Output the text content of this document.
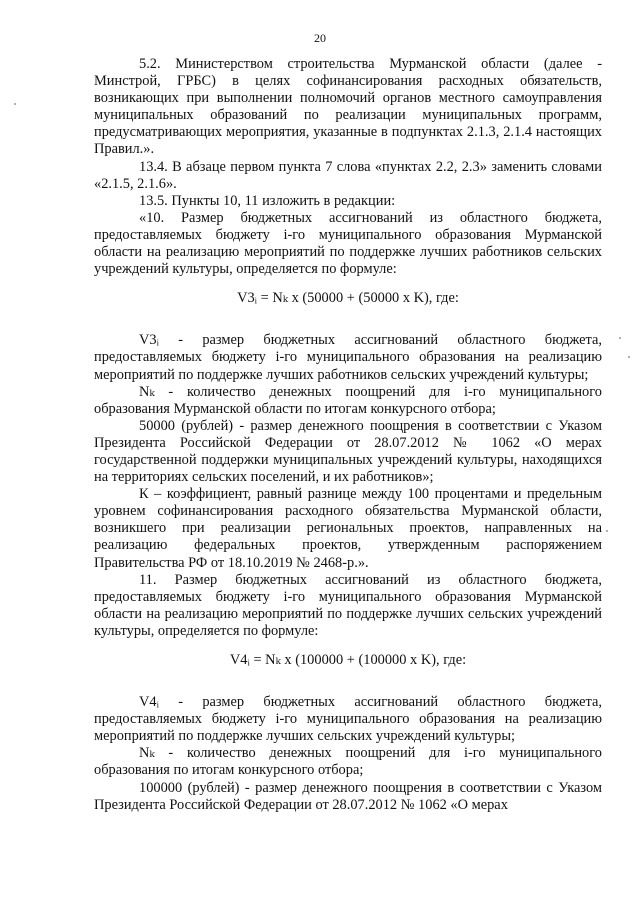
20

5.2. Министерством строительства Мурманской области (далее - Минстрой, ГРБС) в целях софинансирования расходных обязательств, возникающих при выполнении полномочий органов местного самоуправления муниципальных образований по реализации муниципальных программ, предусматривающих мероприятия, указанные в подпунктах 2.1.3, 2.1.4 настоящих Правил.».

13.4. В абзаце первом пункта 7 слова «пунктах 2.2, 2.3» заменить словами «2.1.5, 2.1.6».

13.5. Пункты 10, 11 изложить в редакции:

«10. Размер бюджетных ассигнований из областного бюджета, предоставляемых бюджету i-го муниципального образования Мурманской области на реализацию мероприятий по поддержке лучших работников сельских учреждений культуры, определяется по формуле:

V3ᵢ = Nₖ x (50000 + (50000 x K), где:

V3ᵢ - размер бюджетных ассигнований областного бюджета, предоставляемых бюджету i-го муниципального образования на реализацию мероприятий по поддержке лучших работников сельских учреждений культуры;

Nₖ - количество денежных поощрений для i-го муниципального образования Мурманской области по итогам конкурсного отбора;

50000 (рублей) - размер денежного поощрения в соответствии с Указом Президента Российской Федерации от 28.07.2012 № 1062 «О мерах государственной поддержки муниципальных учреждений культуры, находящихся на территориях сельских поселений, и их работников»;

К – коэффициент, равный разнице между 100 процентами и предельным уровнем софинансирования расходного обязательства Мурманской области, возникшего при реализации региональных проектов, направленных на реализацию федеральных проектов, утвержденным распоряжением Правительства РФ от 18.10.2019 № 2468-р.».

11. Размер бюджетных ассигнований из областного бюджета, предоставляемых бюджету i-го муниципального образования Мурманской области на реализацию мероприятий по поддержке лучших сельских учреждений культуры, определяется по формуле:

V4ᵢ = Nₖ x (100000 + (100000 x K), где:

V4ᵢ - размер бюджетных ассигнований областного бюджета, предоставляемых бюджету i-го муниципального образования на реализацию мероприятий по поддержке лучших сельских учреждений культуры;

Nₖ - количество денежных поощрений для i-го муниципального образования по итогам конкурсного отбора;

100000 (рублей) - размер денежного поощрения в соответствии с Указом Президента Российской Федерации от 28.07.2012 № 1062 «О мерах
